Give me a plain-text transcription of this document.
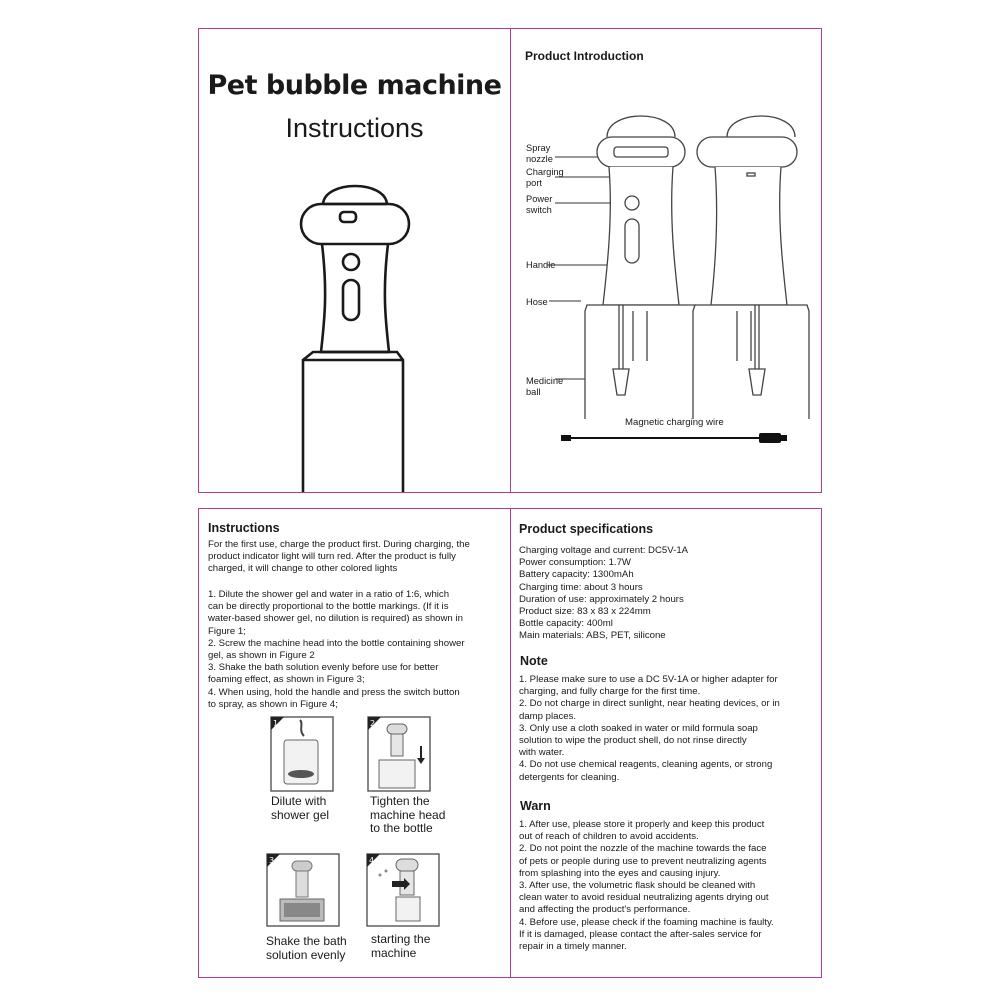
Pet bubble machine
Instructions
Product Introduction
Spray
nozzle
Charging
port
Power
switch
Handle
Hose
Medicine
ball
Magnetic charging wire
Instructions
For the first use, charge the product first. During charging, the
product indicator light will turn red. After the product is fully
charged, it will change to other colored lights
1. Dilute the shower gel and water in a ratio of 1:6, which
can be directly proportional to the bottle markings. (If it is
water-based shower gel, no dilution is required) as shown in
Figure 1;
2. Screw the machine head into the bottle containing shower
gel, as shown in Figure 2
3. Shake the bath solution evenly before use for better
foaming effect, as shown in Figure 3;
4. When using, hold the handle and press the switch button
to spray, as shown in Figure 4;
1
Dilute with
shower gel
2
Tighten the
machine head
to the bottle
3
Shake the bath
solution evenly
4
starting the
machine
Product specifications
Charging voltage and current: DC5V-1A
Power consumption: 1.7W
Battery capacity: 1300mAh
Charging time: about 3 hours
Duration of use: approximately 2 hours
Product size: 83 x 83 x 224mm
Bottle capacity: 400ml
Main materials: ABS, PET, silicone
Note
1. Please make sure to use a DC 5V-1A or higher adapter for
charging, and fully charge for the first time.
2. Do not charge in direct sunlight, near heating devices, or in
damp places.
3. Only use a cloth soaked in water or mild formula soap
solution to wipe the product shell, do not rinse directly
with water.
4. Do not use chemical reagents, cleaning agents, or strong
detergents for cleaning.
Warn
1. After use, please store it properly and keep this product
out of reach of children to avoid accidents.
2. Do not point the nozzle of the machine towards the face
of pets or people during use to prevent neutralizing agents
from splashing into the eyes and causing injury.
3. After use, the volumetric flask should be cleaned with
clean water to avoid residual neutralizing agents drying out
and affecting the product's performance.
4. Before use, please check if the foaming machine is faulty.
If it is damaged, please contact the after-sales service for
repair in a timely manner.
